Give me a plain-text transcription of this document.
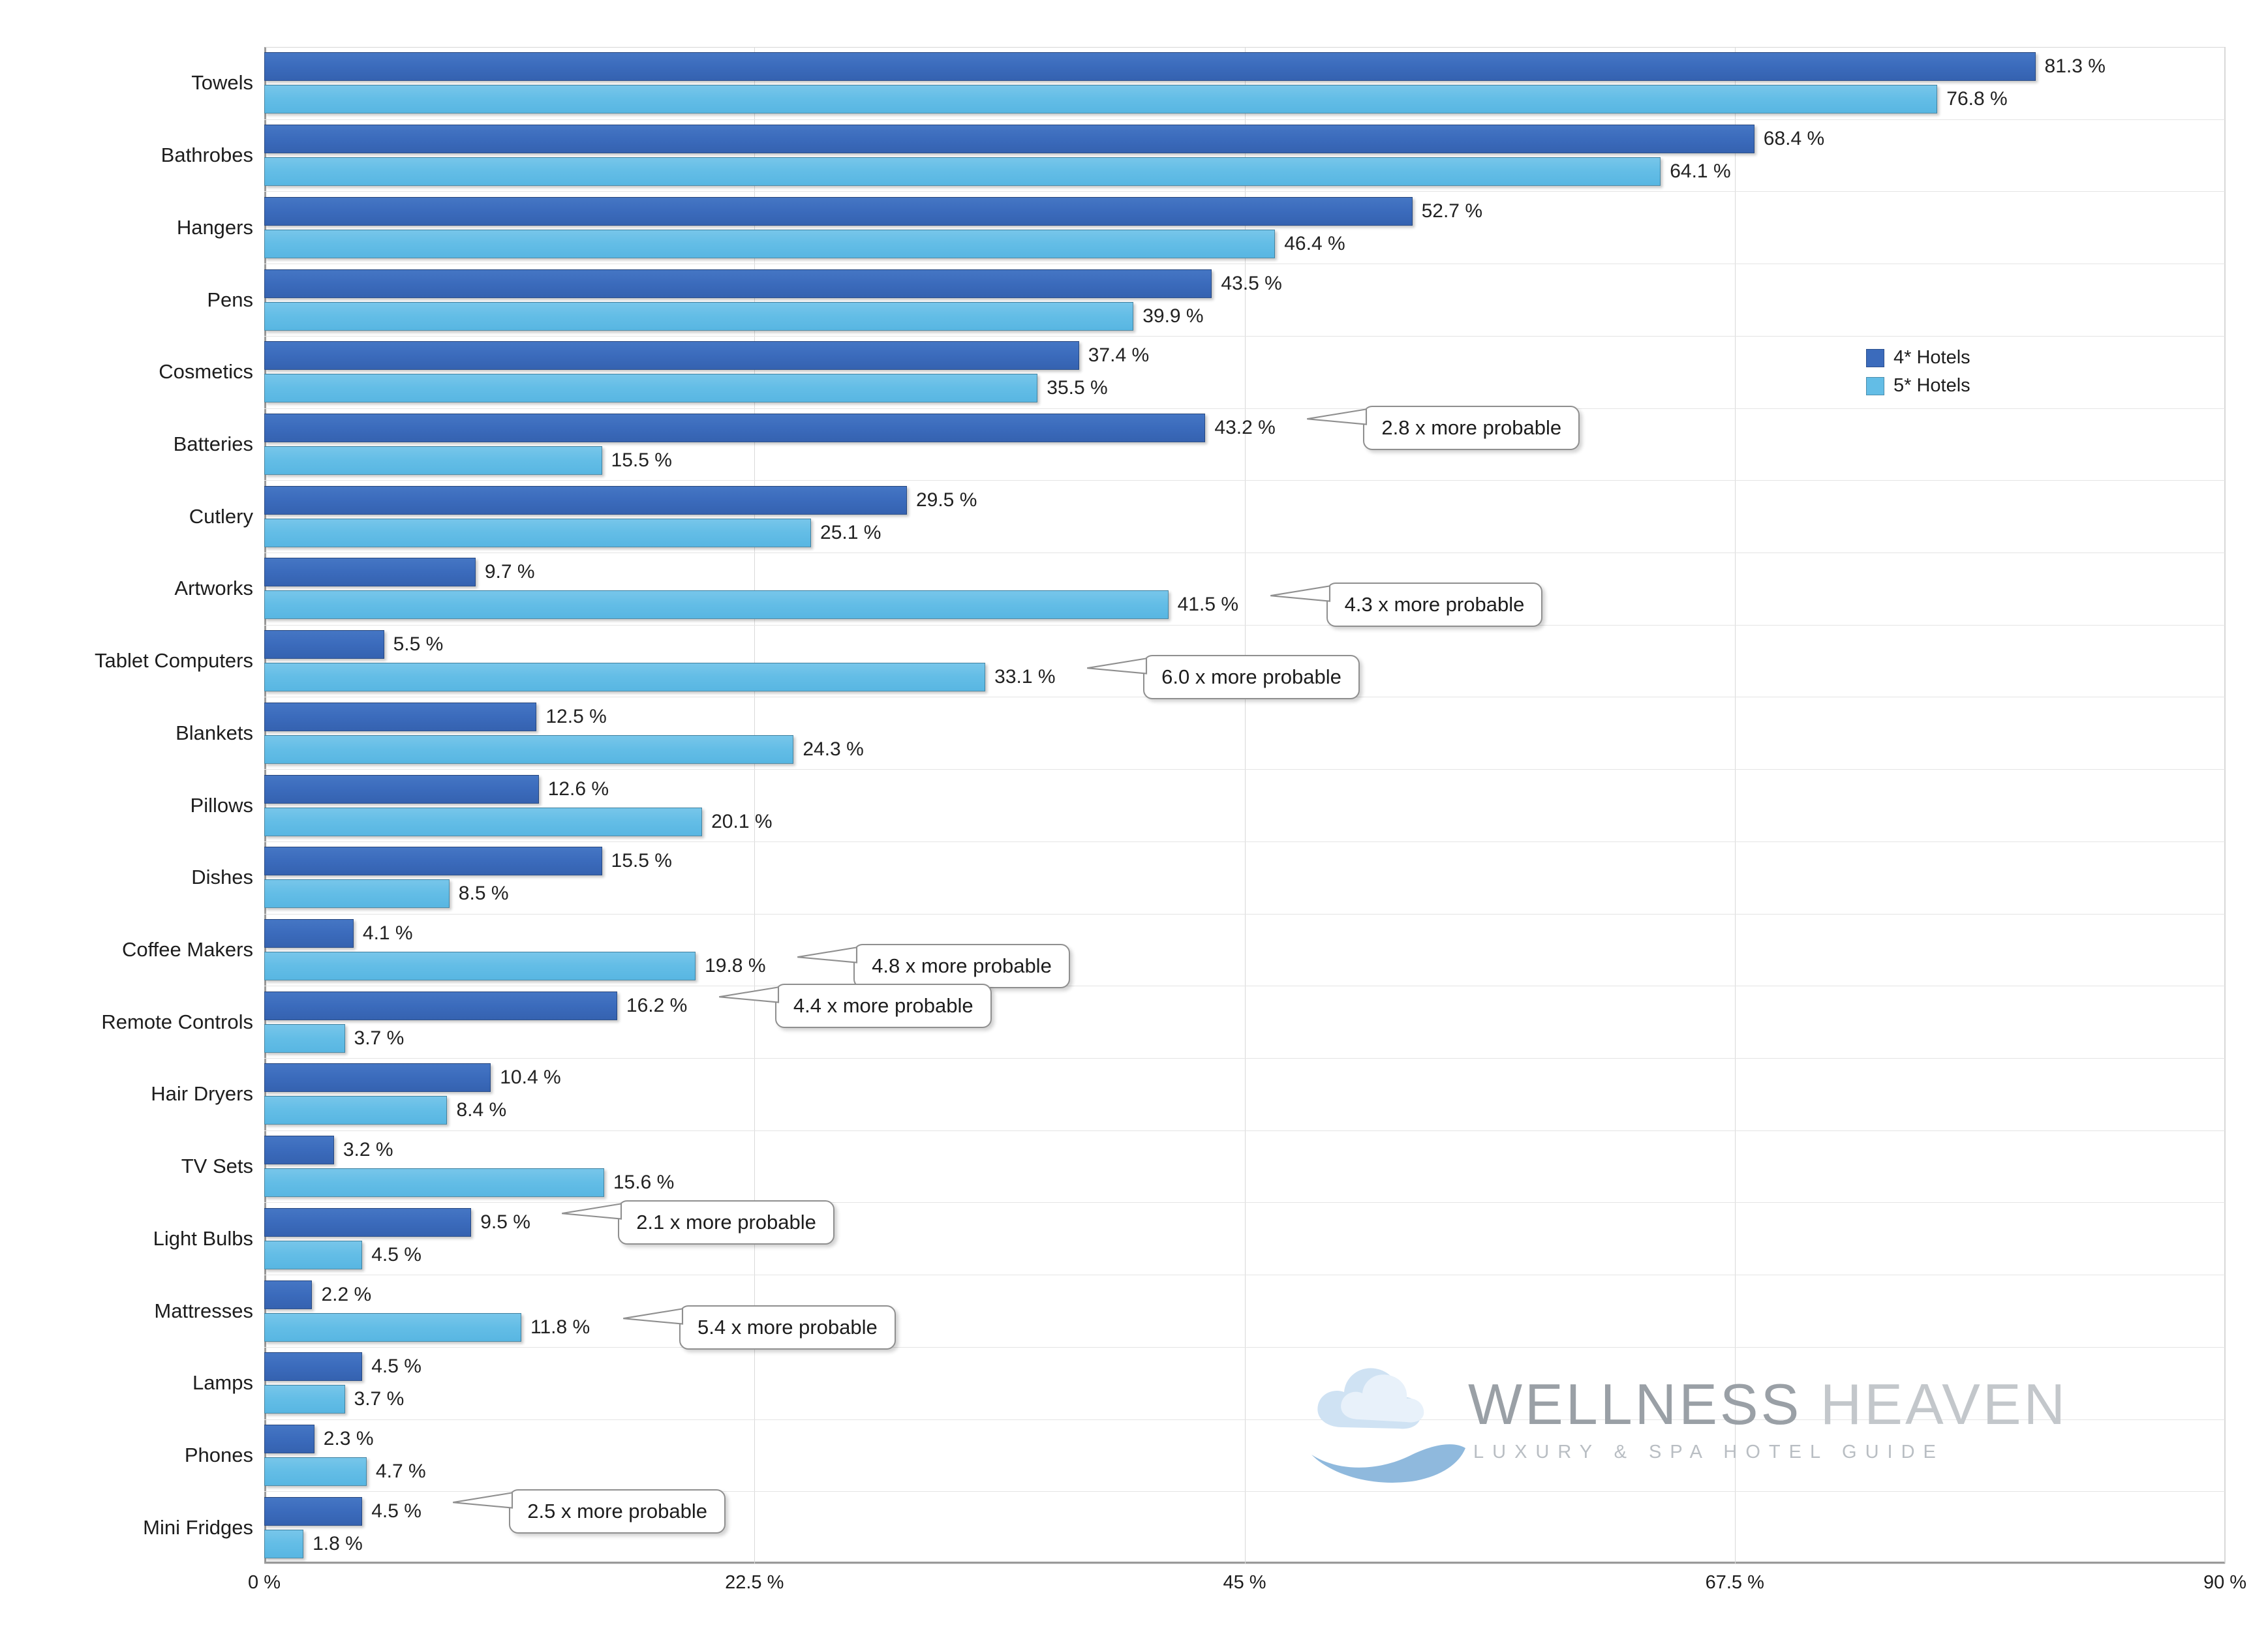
81.3 %
76.8 %
68.4 %
64.1 %
52.7 %
46.4 %
43.5 %
39.9 %
37.4 %
35.5 %
43.2 %
15.5 %
29.5 %
25.1 %
9.7 %
41.5 %
5.5 %
33.1 %
12.5 %
24.3 %
12.6 %
20.1 %
15.5 %
8.5 %
4.1 %
19.8 %
16.2 %
3.7 %
10.4 %
8.4 %
3.2 %
15.6 %
9.5 %
4.5 %
2.2 %
11.8 %
4.5 %
3.7 %
2.3 %
4.7 %
4.5 %
1.8 %
Towels
Bathrobes
Hangers
Pens
Cosmetics
Batteries
Cutlery
Artworks
Tablet Computers
Blankets
Pillows
Dishes
Coffee Makers
Remote Controls
Hair Dryers
TV Sets
Light Bulbs
Mattresses
Lamps
Phones
Mini Fridges
0 %	22.5 %	45 %	67.5 %	90 %
2.8 x more probable
4.3 x more probable
6.0 x more probable
4.8 x more probable
4.4 x more probable
2.1 x more probable
5.4 x more probable
2.5 x more probable
4* Hotels
5* Hotels
WELLNESS HEAVEN
LUXURY & SPA HOTEL GUIDE
